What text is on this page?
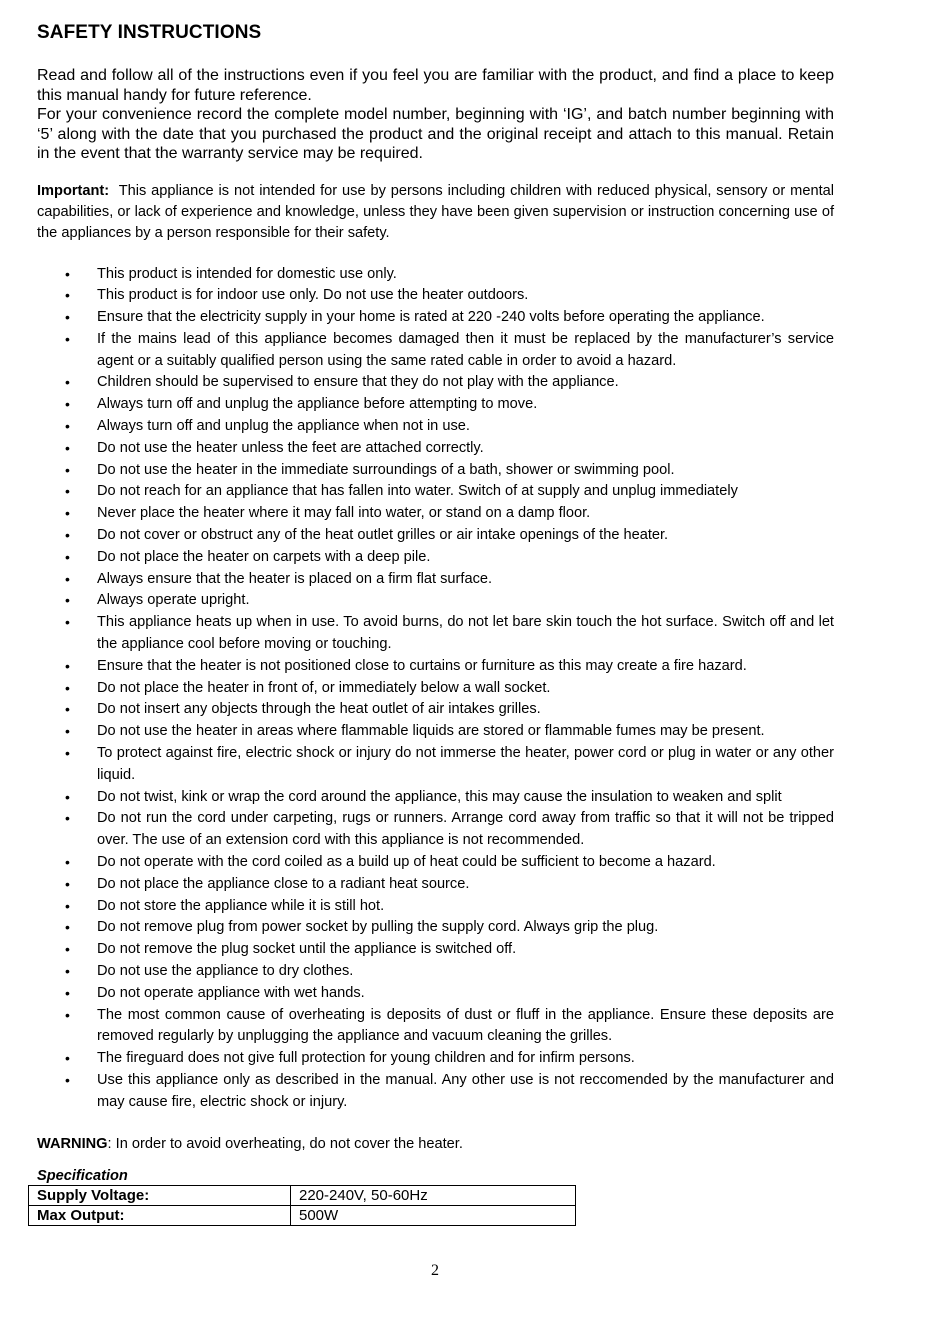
SAFETY INSTRUCTIONS

Read and follow all of the instructions even if you feel you are familiar with the product, and find a place to keep this manual handy for future reference.

For your convenience record the complete model number, beginning with ‘IG’, and batch number beginning with ‘5’ along with the date that you purchased the product and the original receipt and attach to this manual. Retain in the event that the warranty service may be required.

Important: This appliance is not intended for use by persons including children with reduced physical, sensory or mental capabilities, or lack of experience and knowledge, unless they have been given supervision or instruction concerning use of the appliances by a person responsible for their safety.

• This product is intended for domestic use only.
• This product is for indoor use only. Do not use the heater outdoors.
• Ensure that the electricity supply in your home is rated at 220 -240 volts before operating the appliance.
• If the mains lead of this appliance becomes damaged then it must be replaced by the manufacturer’s service agent or a suitably qualified person using the same rated cable in order to avoid a hazard.
• Children should be supervised to ensure that they do not play with the appliance.
• Always turn off and unplug the appliance before attempting to move.
• Always turn off and unplug the appliance when not in use.
• Do not use the heater unless the feet are attached correctly.
• Do not use the heater in the immediate surroundings of a bath, shower or swimming pool.
• Do not reach for an appliance that has fallen into water. Switch of at supply and unplug immediately
• Never place the heater where it may fall into water, or stand on a damp floor.
• Do not cover or obstruct any of the heat outlet grilles or air intake openings of the heater.
• Do not place the heater on carpets with a deep pile.
• Always ensure that the heater is placed on a firm flat surface.
• Always operate upright.
• This appliance heats up when in use. To avoid burns, do not let bare skin touch the hot surface. Switch off and let the appliance cool before moving or touching.
• Ensure that the heater is not positioned close to curtains or furniture as this may create a fire hazard.
• Do not place the heater in front of, or immediately below a wall socket.
• Do not insert any objects through the heat outlet of air intakes grilles.
• Do not use the heater in areas where flammable liquids are stored or flammable fumes may be present.
• To protect against fire, electric shock or injury do not immerse the heater, power cord or plug in water or any other liquid.
• Do not twist, kink or wrap the cord around the appliance, this may cause the insulation to weaken and split
• Do not run the cord under carpeting, rugs or runners. Arrange cord away from traffic so that it will not be tripped over. The use of an extension cord with this appliance is not recommended.
• Do not operate with the cord coiled as a build up of heat could be sufficient to become a hazard.
• Do not place the appliance close to a radiant heat source.
• Do not store the appliance while it is still hot.
• Do not remove plug from power socket by pulling the supply cord. Always grip the plug.
• Do not remove the plug socket until the appliance is switched off.
• Do not use the appliance to dry clothes.
• Do not operate appliance with wet hands.
• The most common cause of overheating is deposits of dust or fluff in the appliance. Ensure these deposits are removed regularly by unplugging the appliance and vacuum cleaning the grilles.
• The fireguard does not give full protection for young children and for infirm persons.
• Use this appliance only as described in the manual. Any other use is not reccomended by the manufacturer and may cause fire, electric shock or injury.

WARNING: In order to avoid overheating, do not cover the heater.

Specification
Supply Voltage:	220-240V, 50-60Hz
Max Output:	500W
2
